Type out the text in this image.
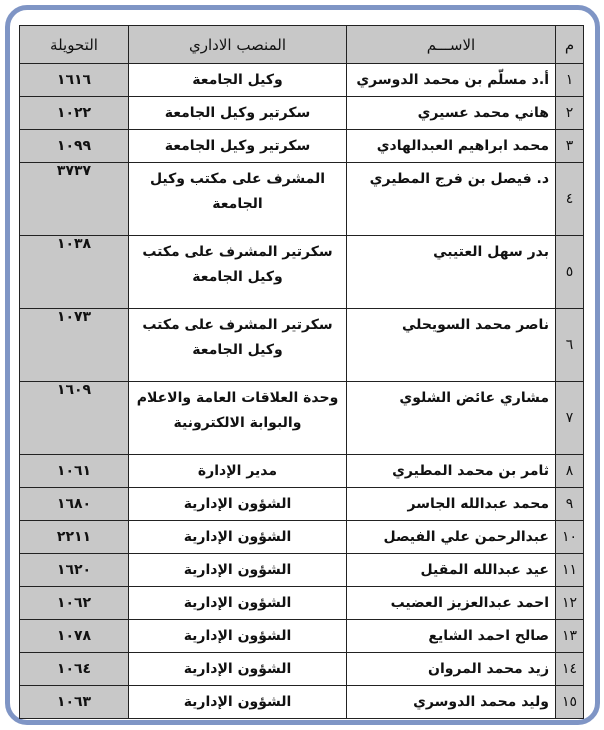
م	الاســـم	المنصب الاداري	التحويلة
١	أ.د مسلّم بن محمد الدوسري	وكيل الجامعة	١٦١٦
٢	هاني محمد عسيري	سكرتير وكيل الجامعة	١٠٢٢
٣	محمد ابراهيم العبدالهادي	سكرتير وكيل الجامعة	١٠٩٩
٤	د. فيصل بن فرج المطيري	المشرف على مكتب وكيل الجامعة	٣٧٣٧
٥	بدر سهل العتيبي	سكرتير المشرف على مكتب وكيل الجامعة	١٠٣٨
٦	ناصر محمد السويحلي	سكرتير المشرف على مكتب وكيل الجامعة	١٠٧٣
٧	مشاري عائض الشلوي	وحدة العلاقات العامة والاعلام والبوابة الالكترونية	١٦٠٩
٨	ثامر بن محمد المطيري	مدير الإدارة	١٠٦١
٩	محمد عبدالله الجاسر	الشؤون الإدارية	١٦٨٠
١٠	عبدالرحمن علي الفيصل	الشؤون الإدارية	٢٢١١
١١	عيد عبدالله المقيل	الشؤون الإدارية	١٦٢٠
١٢	احمد عبدالعزيز العضيب	الشؤون الإدارية	١٠٦٢
١٣	صالح احمد الشايع	الشؤون الإدارية	١٠٧٨
١٤	زيد محمد المروان	الشؤون الإدارية	١٠٦٤
١٥	وليد محمد الدوسري	الشؤون الإدارية	١٠٦٣
